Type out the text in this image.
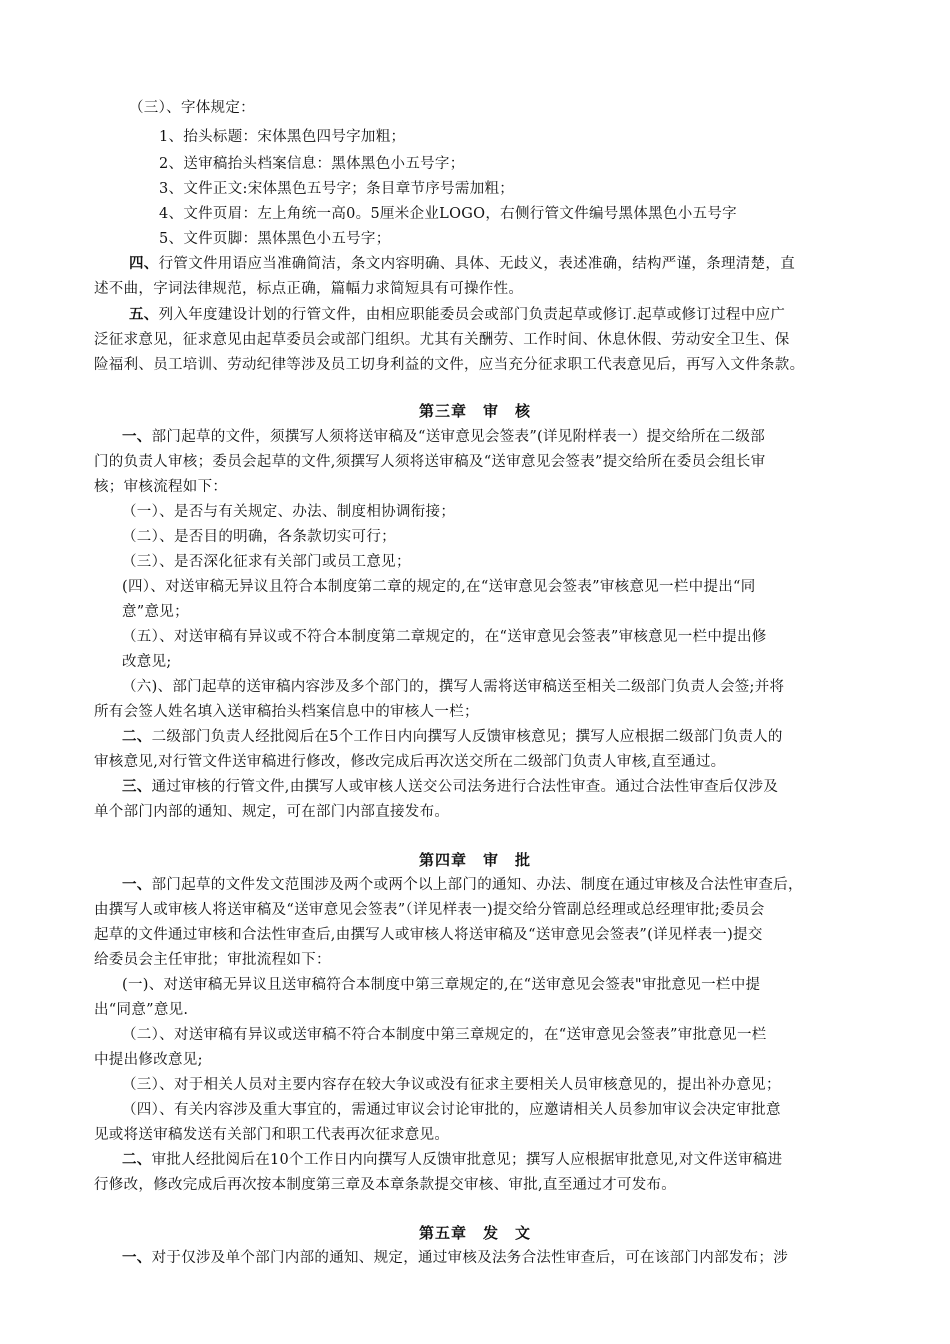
（三）、字体规定：
1、抬头标题：宋体黑色四号字加粗；
2、送审稿抬头档案信息：黑体黑色小五号字；
3、文件正文:宋体黑色五号字；条目章节序号需加粗；
4、文件页眉：左上角统一高0。5厘米企业LOGO，右侧行管文件编号黑体黑色小五号字
5、文件页脚：黑体黑色小五号字；
四、行管文件用语应当准确简洁，条文内容明确、具体、无歧义，表述准确，结构严谨，条理清楚，直
述不曲，字词法律规范，标点正确，篇幅力求简短具有可操作性。
五、列入年度建设计划的行管文件，由相应职能委员会或部门负责起草或修订.起草或修订过程中应广
泛征求意见，征求意见由起草委员会或部门组织。尤其有关酬劳、工作时间、休息休假、劳动安全卫生、保
险福利、员工培训、劳动纪律等涉及员工切身利益的文件，应当充分征求职工代表意见后，再写入文件条款。
第三章　审　核
一、部门起草的文件，须撰写人须将送审稿及“送审意见会签表”(详见附样表一）提交给所在二级部
门的负责人审核；委员会起草的文件,须撰写人须将送审稿及“送审意见会签表”提交给所在委员会组长审
核；审核流程如下：
（一）、是否与有关规定、办法、制度相协调衔接；
（二）、是否目的明确，各条款切实可行；
（三）、是否深化征求有关部门或员工意见；
(四）、对送审稿无异议且符合本制度第二章的规定的,在“送审意见会签表”审核意见一栏中提出“同
意”意见；
（五）、对送审稿有异议或不符合本制度第二章规定的，在“送审意见会签表”审核意见一栏中提出修
改意见;
（六)、部门起草的送审稿内容涉及多个部门的，撰写人需将送审稿送至相关二级部门负责人会签;并将
所有会签人姓名填入送审稿抬头档案信息中的审核人一栏；
二、二级部门负责人经批阅后在5个工作日内向撰写人反馈审核意见；撰写人应根据二级部门负责人的
审核意见,对行管文件送审稿进行修改，修改完成后再次送交所在二级部门负责人审核,直至通过。
三、通过审核的行管文件,由撰写人或审核人送交公司法务进行合法性审查。通过合法性审查后仅涉及
单个部门内部的通知、规定，可在部门内部直接发布。
第四章　审　批
一、部门起草的文件发文范围涉及两个或两个以上部门的通知、办法、制度在通过审核及合法性审查后，
由撰写人或审核人将送审稿及“送审意见会签表”（详见样表一)提交给分管副总经理或总经理审批;委员会
起草的文件通过审核和合法性审查后,由撰写人或审核人将送审稿及“送审意见会签表”(详见样表一)提交
给委员会主任审批；审批流程如下：
(一)、对送审稿无异议且送审稿符合本制度中第三章规定的,在“送审意见会签表"审批意见一栏中提
出“同意”意见.
（二）、对送审稿有异议或送审稿不符合本制度中第三章规定的，在“送审意见会签表”审批意见一栏
中提出修改意见;
（三）、对于相关人员对主要内容存在较大争议或没有征求主要相关人员审核意见的，提出补办意见；
（四）、有关内容涉及重大事宜的，需通过审议会讨论审批的，应邀请相关人员参加审议会决定审批意
见或将送审稿发送有关部门和职工代表再次征求意见。
二、审批人经批阅后在10个工作日内向撰写人反馈审批意见；撰写人应根据审批意见,对文件送审稿进
行修改，修改完成后再次按本制度第三章及本章条款提交审核、审批,直至通过才可发布。
第五章　发　文
一、对于仅涉及单个部门内部的通知、规定，通过审核及法务合法性审查后，可在该部门内部发布；涉
